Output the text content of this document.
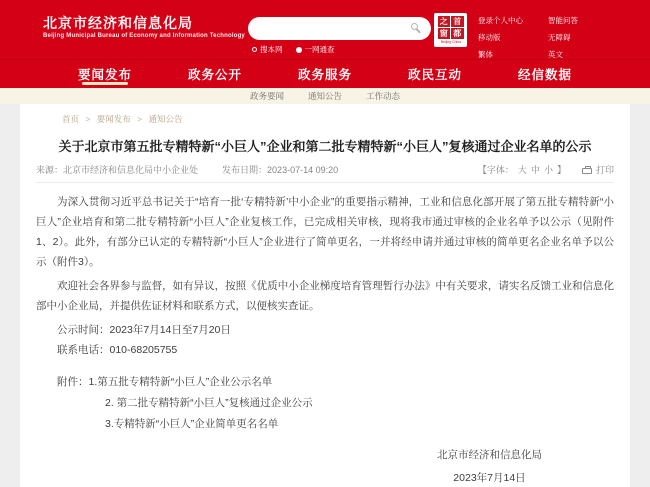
北京市经济和信息化局
Beijing Municipal Bureau of Economy and Information Technology
搜本网	一网通查
之 首
窗 都
Beijing·China
登录个人中心	智能问答
移动版	无障碍
繁体	英文
要闻发布	政务公开	政务服务	政民互动	经信数据
政务要闻	通知公告	工作动态
首页 > 要闻发布 > 通知公告
关于北京市第五批专精特新“小巨人”企业和第二批专精特新“小巨人”复核通过企业名单的公示
来源： 北京市经济和信息化局中小企业处	发布日期： 2023-07-14 09:20	【字体： 大 中 小 】	打印

为深入贯彻习近平总书记关于“培育一批‘专精特新’中小企业”的重要指示精神，工业和信息化部开展了第五批专精特新“小巨人”企业培育和第二批专精特新“小巨人”企业复核工作，已完成相关审核，现将我市通过审核的企业名单予以公示（见附件1、2）。此外，有部分已认定的专精特新“小巨人”企业进行了简单更名，一并将经申请并通过审核的简单更名企业名单予以公示（附件3）。

欢迎社会各界参与监督，如有异议，按照《优质中小企业梯度培育管理暂行办法》中有关要求，请实名反馈工业和信息化部中小企业局，并提供佐证材料和联系方式，以便核实查证。

公示时间：2023年7月14日至7月20日

联系电话：010-68205755

附件：1.第五批专精特新“小巨人”企业公示名单
2. 第二批专精特新“小巨人”复核通过企业公示
3.专精特新“小巨人”企业简单更名名单
北京市经济和信息化局
2023年7月14日
